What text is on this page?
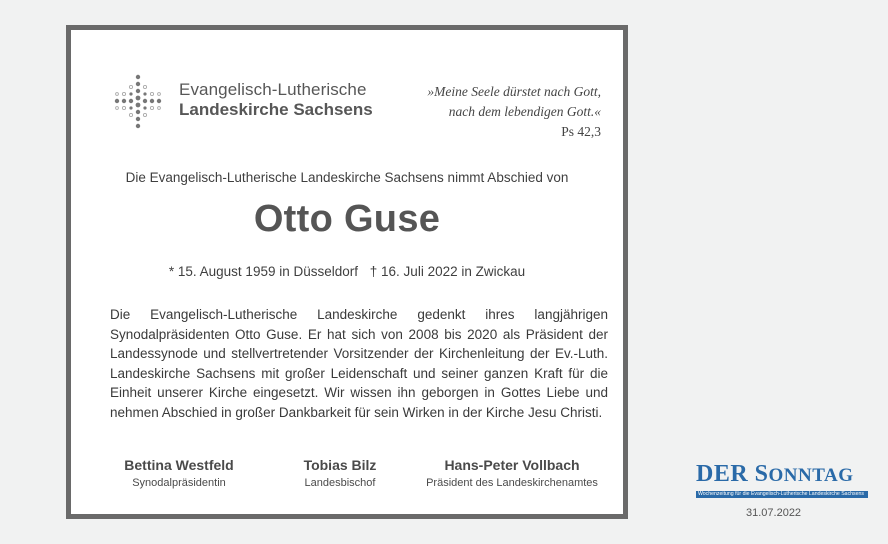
Evangelisch-Lutherische
Landeskirche Sachsens
»Meine Seele dürstet nach Gott,
nach dem lebendigen Gott.«
Ps 42,3
Die Evangelisch-Lutherische Landeskirche Sachsens nimmt Abschied von
Otto Guse
* 15. August 1959 in Düsseldorf † 16. Juli 2022 in Zwickau

Die Evangelisch-Lutherische Landeskirche gedenkt ihres langjährigen Synodalpräsidenten Otto Guse. Er hat sich von 2008 bis 2020 als Präsident der Landessynode und stellvertretender Vorsitzender der Kirchenleitung der Ev.-Luth. Landeskirche Sachsens mit großer Leidenschaft und seiner ganzen Kraft für die Einheit unserer Kirche eingesetzt. Wir wissen ihn geborgen in Gottes Liebe und nehmen Abschied in großer Dankbarkeit für sein Wirken in der Kirche Jesu Christi.

Bettina Westfeld
Synodalpräsidentin
Tobias Bilz
Landesbischof
Hans-Peter Vollbach
Präsident des Landeskirchenamtes	DER SONNTAG
Wochenzeitung für die Evangelisch-Lutherische Landeskirche Sachsens
31.07.2022
